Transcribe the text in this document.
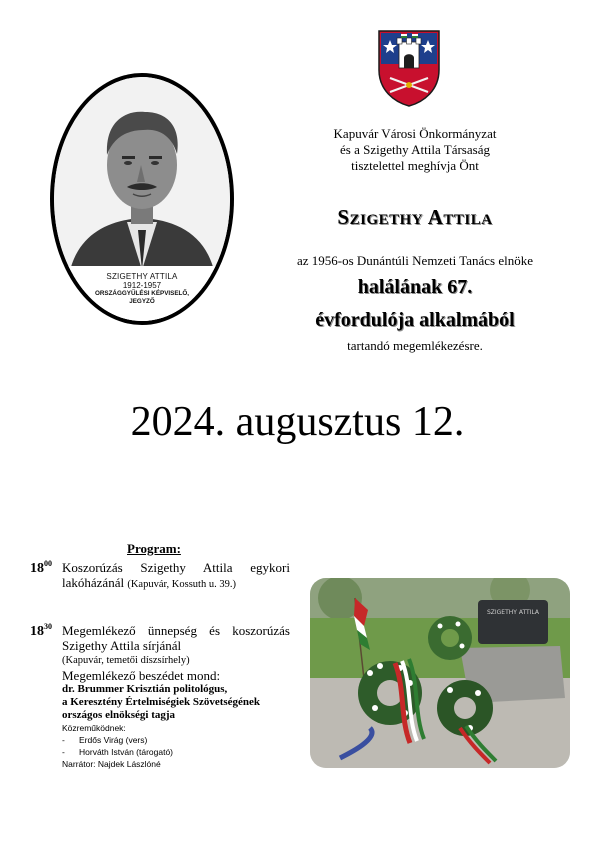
SZIGETHY ATTILA
1912-1957
ORSZÁGGYŰLÉSI KÉPVISELŐ,
JEGYZŐ
Kapuvár Városi Önkormányzat
és a Szigethy Attila Társaság
tisztelettel meghívja Önt
Szigethy Attila
az 1956-os Dunántúli Nemzeti Tanács elnöke
halálának 67.
évfordulója alkalmából
tartandó megemlékezésre.
2024. augusztus 12.
Program:
$18^{00}$ Koszorúzás Szigethy Attila egykori
lakóházánál (Kapuvár, Kossuth u. 39.)
$18^{30}$ Megemlékező ünnepség és koszorúzás
Szigethy Attila sírjánál
(Kapuvár, temetői díszsírhely)
Megemlékező beszédet mond:
dr. Brummer Krisztián politológus,
a Keresztény Értelmiségiek Szövetségének
országos elnökségi tagja
Közreműködnek:
- Erdős Virág (vers)
- Horváth István (tárogató)
Narrátor: Najdek Lászlóné
SZIGETHY ATTILA
